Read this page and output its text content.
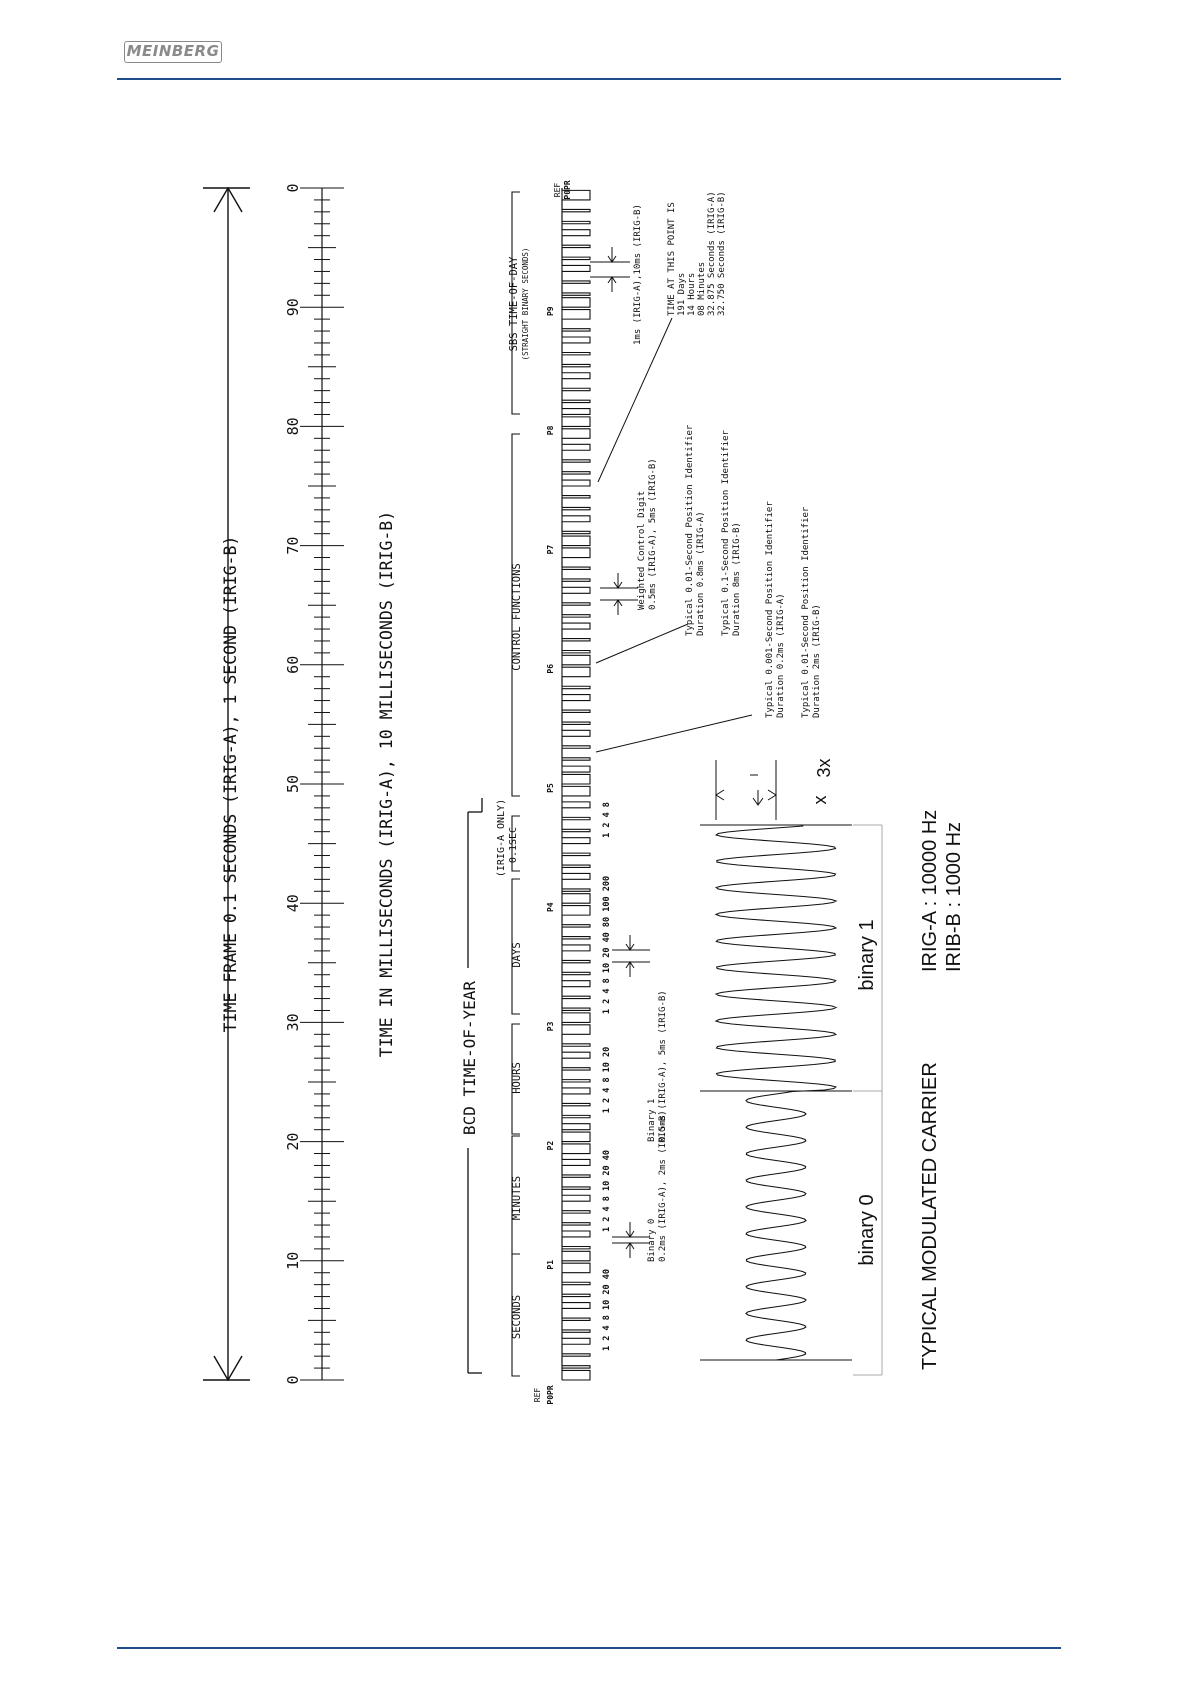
MEINBERG
TIME FRAME 0.1 SECONDS (IRIG-A), 1 SECOND (IRIG-B)
0
10
20
30
40
50
60
70
80
90
0
TIME IN MILLISECONDS (IRIG-A), 10 MILLISECONDS (IRIG-B)
BCD TIME-OF-YEAR
(IRIG-A ONLY) 0.1SEC
SECONDS
MINUTES
HOURS
DAYS
CONTROL FUNCTIONS
SBS TIME-OF-DAY (STRAIGHT BINARY SECONDS)
REF P0PR
REF P0PR
P1
P2
P3
P4
P5
P6
P7
P8
P9
1 2 4 8 10 20 40
1 2 4 8 10 20 40
1 2 4 8 10 20
1 2 4 8 10 20 40 80 100 200
1 2 4 8
Binary 0 0.2ms (IRIG-A), 2ms (IRIG-B)
Binary 1 0.5ms (IRIG-A), 5ms (IRIG-B)
Weighted Control Digit 0.5ms (IRIG-A), 5ms (IRIG-B)
1ms (IRIG-A),10ms (IRIG-B)	TIME AT THIS POINT IS 191 Days 14 Hours 08 Minutes 32.875 Seconds (IRIG-A) 32.750 Seconds (IRIG-B)
Typical 0.01-Second Position Identifier Duration 0.8ms (IRIG-A) Typical 0.1-Second Position Identifier Duration 8ms (IRIG-B)	Typical 0.001-Second Position Identifier Duration 0.2ms (IRIG-A) Typical 0.01-Second Position Identifier Duration 2ms (IRIG-B)
x
3x
binary 0
binary 1
TYPICAL MODULATED CARRIER
IRIG-A : 10000 Hz IRIB-B : 1000 Hz
